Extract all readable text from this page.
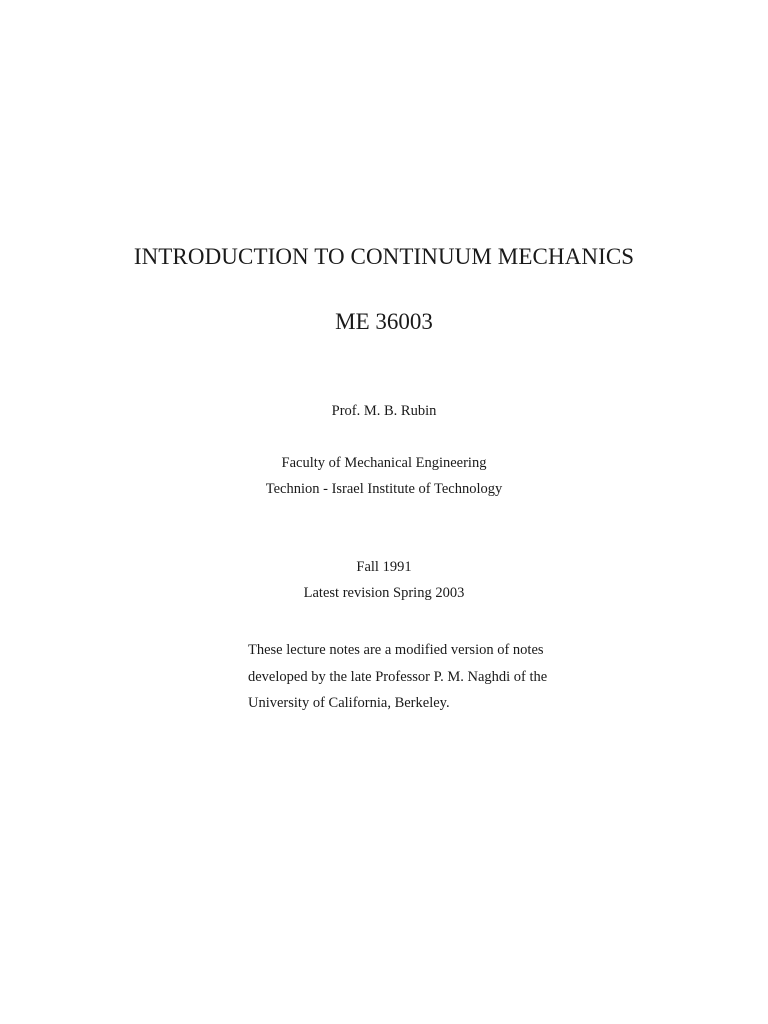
INTRODUCTION TO CONTINUUM MECHANICS
ME 36003
Prof. M. B. Rubin
Faculty of Mechanical Engineering
Technion - Israel Institute of Technology
Fall 1991
Latest revision Spring 2003
These lecture notes are a modified version of notes
developed by the late Professor P. M. Naghdi of the
University of California, Berkeley.
